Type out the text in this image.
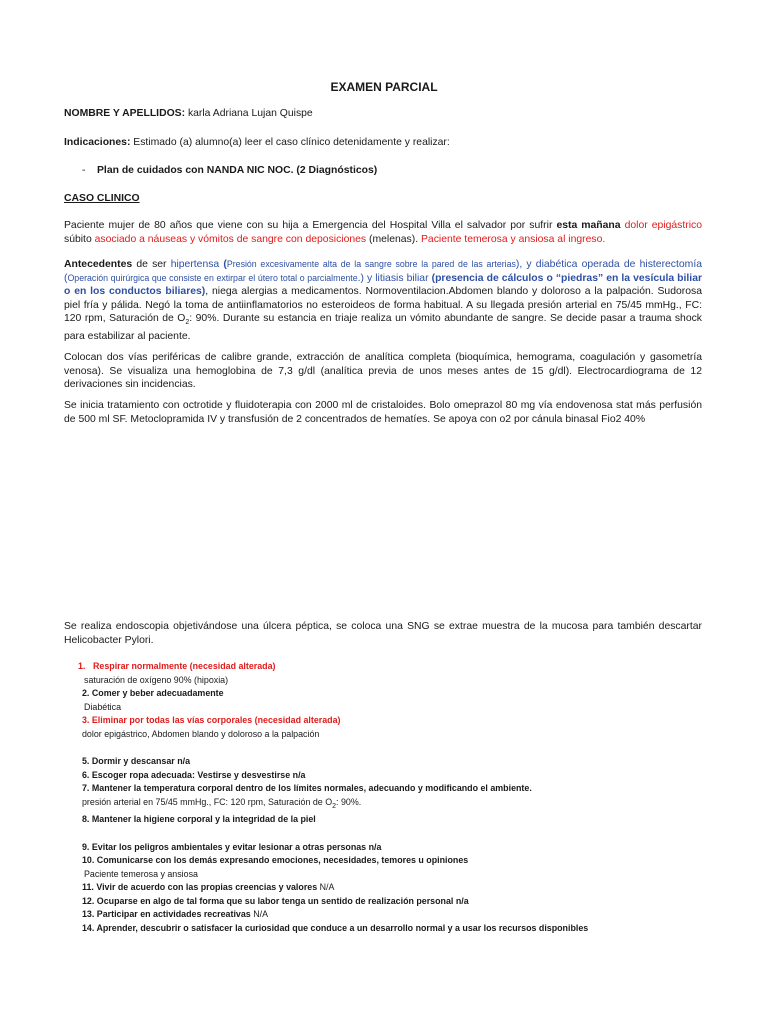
EXAMEN PARCIAL
NOMBRE Y APELLIDOS: karla Adriana Lujan Quispe
Indicaciones: Estimado (a) alumno(a) leer el caso clínico detenidamente y realizar:
- Plan de cuidados con NANDA NIC NOC. (2 Diagnósticos)
CASO CLINICO
Paciente mujer de 80 años que viene con su hija a Emergencia del Hospital Villa el salvador por sufrir esta mañana dolor epigástrico súbito asociado a náuseas y vómitos de sangre con deposiciones (melenas). Paciente temerosa y ansiosa al ingreso.
Antecedentes de ser hipertensa (Presión excesivamente alta de la sangre sobre la pared de las arterias), y diabética operada de histerectomía (Operación quirúrgica que consiste en extirpar el útero total o parcialmente.) y litiasis biliar (presencia de cálculos o “piedras” en la vesícula biliar o en los conductos biliares), niega alergias a medicamentos. Normoventilacion.Abdomen blando y doloroso a la palpación. Sudorosa piel fría y pálida. Negó la toma de antiinflamatorios no esteroideos de forma habitual. A su llegada presión arterial en 75/45 mmHg., FC: 120 rpm, Saturación de $O_2$: 90%. Durante su estancia en triaje realiza un vómito abundante de sangre. Se decide pasar a trauma shock para estabilizar al paciente.
Colocan dos vías periféricas de calibre grande, extracción de analítica completa (bioquímica, hemograma, coagulación y gasometría venosa). Se visualiza una hemoglobina de 7,3 g/dl (analítica previa de unos meses antes de 15 g/dl). Electrocardiograma de 12 derivaciones sin incidencias.
Se inicia tratamiento con octrotide y fluidoterapia con 2000 ml de cristaloides. Bolo omeprazol 80 mg vía endovenosa stat más perfusión de 500 ml SF. Metoclopramida IV y transfusión de 2 concentrados de hematíes. Se apoya con o2 por cánula binasal Fio2 40%
Se realiza endoscopia objetivándose una úlcera péptica, se coloca una SNG se extrae muestra de la mucosa para también descartar Helicobacter Pylori.
1. Respirar normalmente (necesidad alterada)
saturación de oxígeno 90% (hipoxia)
2. Comer y beber adecuadamente
Diabética
3. Eliminar por todas las vías corporales (necesidad alterada)
dolor epigástrico, Abdomen blando y doloroso a la palpación
5. Dormir y descansar n/a
6. Escoger ropa adecuada: Vestirse y desvestirse n/a
7. Mantener la temperatura corporal dentro de los límites normales, adecuando y modificando el ambiente.
presión arterial en 75/45 mmHg., FC: 120 rpm, Saturación de $O_2$: 90%.
8. Mantener la higiene corporal y la integridad de la piel
9. Evitar los peligros ambientales y evitar lesionar a otras personas n/a
10. Comunicarse con los demás expresando emociones, necesidades, temores u opiniones
Paciente temerosa y ansiosa
11. Vivir de acuerdo con las propias creencias y valores N/A
12. Ocuparse en algo de tal forma que su labor tenga un sentido de realización personal n/a
13. Participar en actividades recreativas N/A
14. Aprender, descubrir o satisfacer la curiosidad que conduce a un desarrollo normal y a usar los recursos disponibles
